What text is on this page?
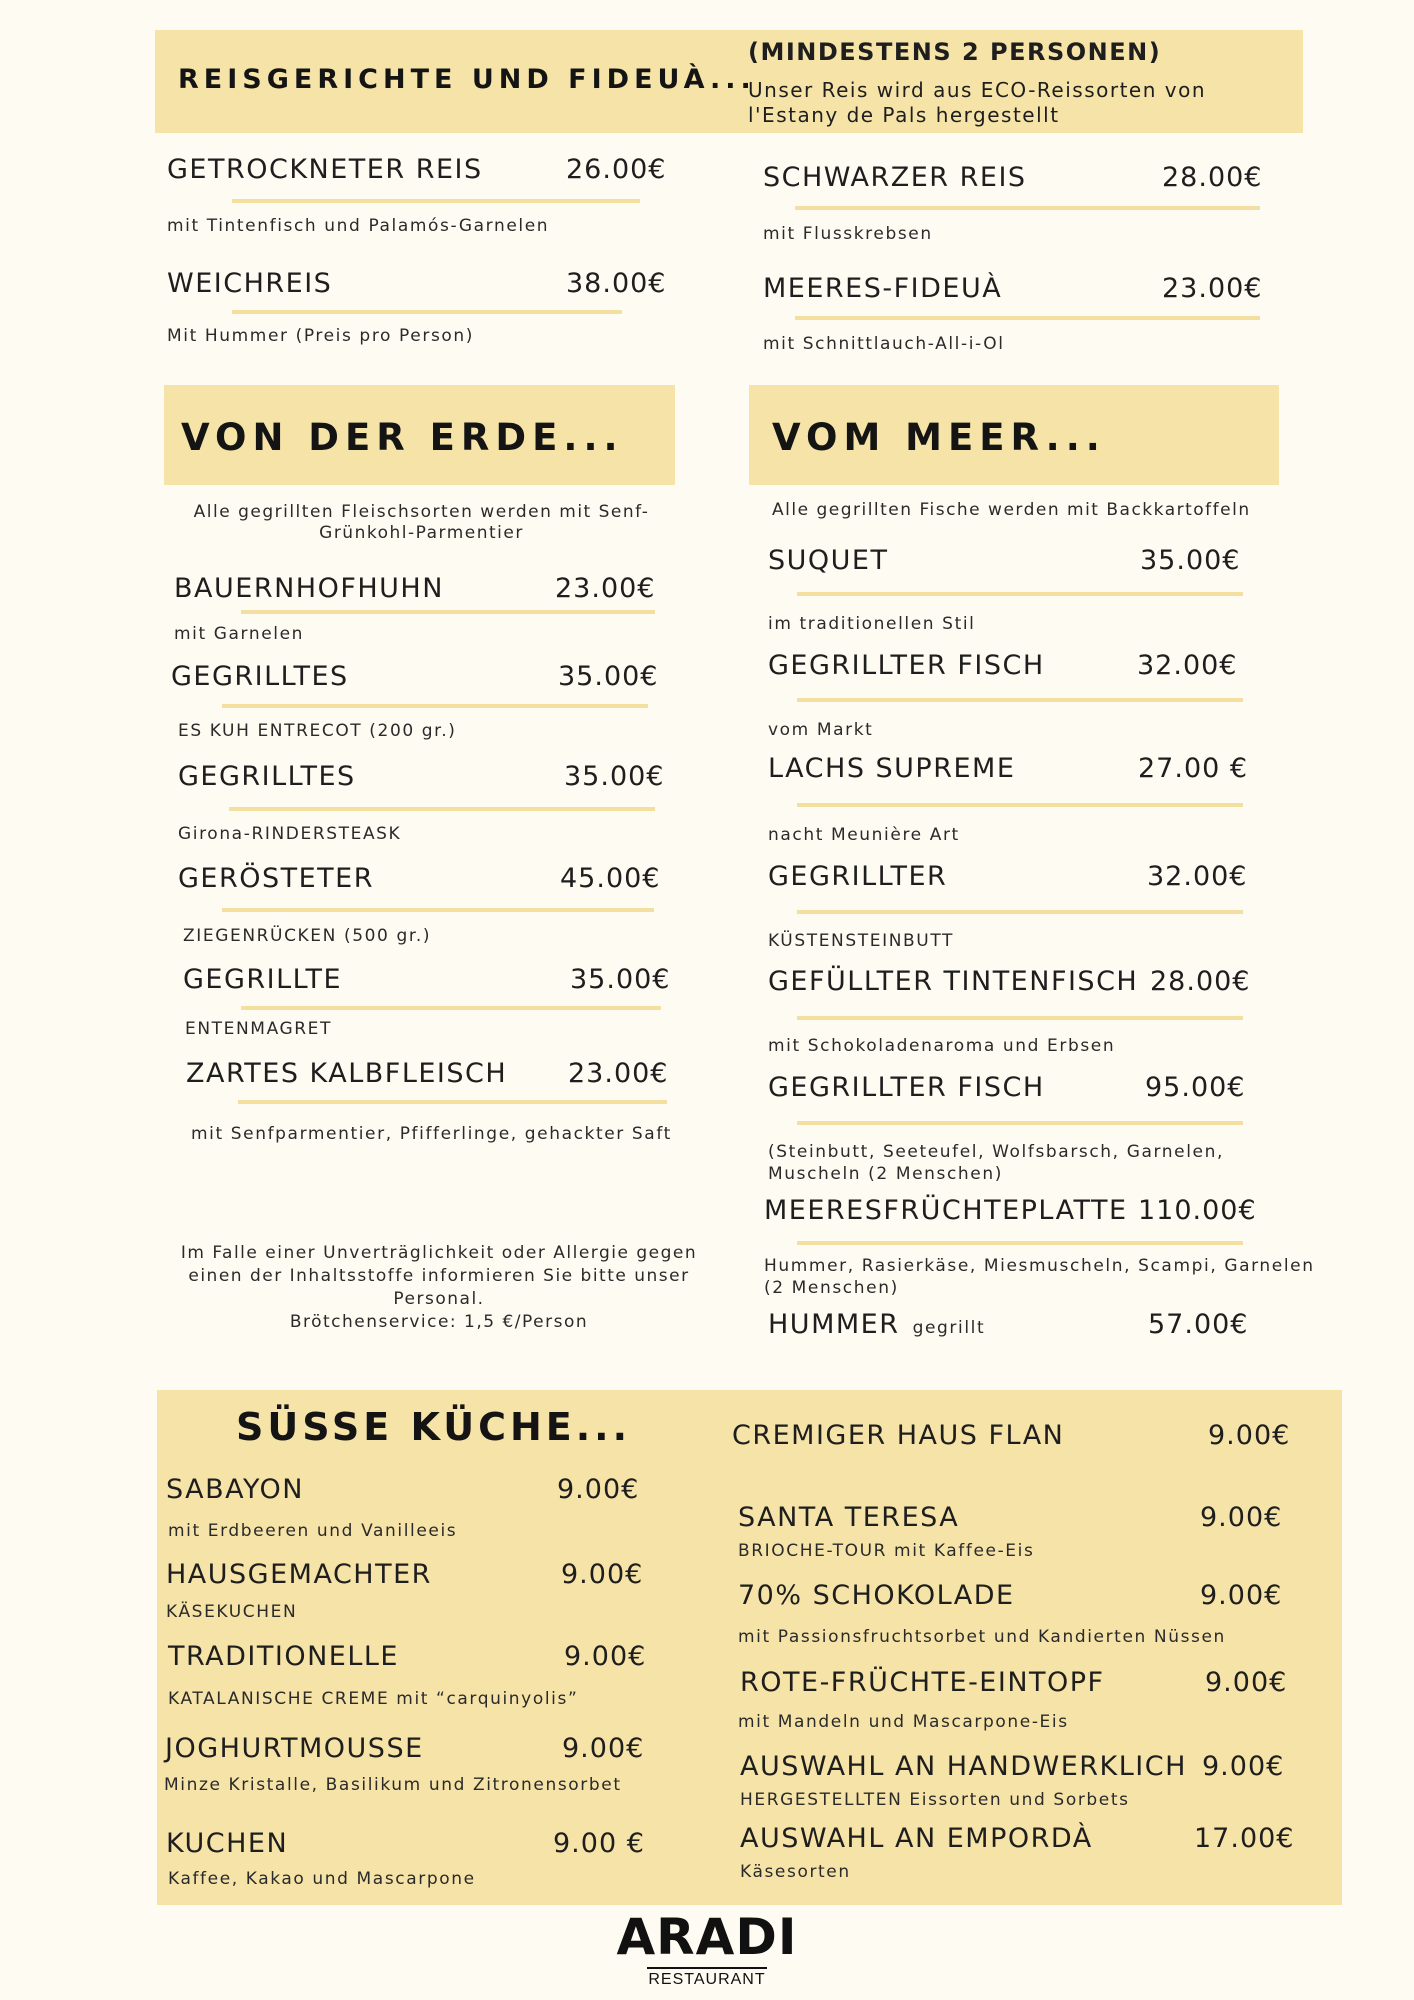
REISGERICHTE UND FIDEUÀ...
(MINDESTENS 2 PERSONEN)
Unser Reis wird aus ECO-Reissorten von
l'Estany de Pals hergestellt
GETROCKNETER REIS	26.00€
mit Tintenfisch und Palamós-Garnelen
WEICHREIS	38.00€
Mit Hummer (Preis pro Person)
SCHWARZER REIS	28.00€
mit Flusskrebsen
MEERES-FIDEUÀ	23.00€
mit Schnittlauch-All-i-Ol
VON DER ERDE...
Alle gegrillten Fleischsorten werden mit Senf-
Grünkohl-Parmentier
BAUERNHOFHUHN	23.00€
mit Garnelen
GEGRILLTES	35.00€
ES KUH ENTRECOT (200 gr.)
GEGRILLTES	35.00€
Girona-RINDERSTEASK
GERÖSTETER	45.00€
ZIEGENRÜCKEN (500 gr.)
GEGRILLTE	35.00€
ENTENMAGRET
ZARTES KALBFLEISCH 23.00€
mit Senfparmentier, Pfifferlinge, gehackter Saft
Im Falle einer Unverträglichkeit oder Allergie gegen
einen der Inhaltsstoffe informieren Sie bitte unser
Personal.
Brötchenservice: 1,5 €/Person
VOM MEER...
Alle gegrillten Fische werden mit Backkartoffeln
SUQUET	35.00€
im traditionellen Stil
GEGRILLTER FISCH	32.00€
vom Markt
LACHS SUPREME	27.00 €
nacht Meunière Art
GEGRILLTER	32.00€
KÜSTENSTEINBUTT
GEFÜLLTER TINTENFISCH 28.00€
mit Schokoladenaroma und Erbsen
GEGRILLTER FISCH	95.00€
(Steinbutt, Seeteufel, Wolfsbarsch, Garnelen,
Muscheln (2 Menschen)
MEERESFRÜCHTEPLATTE 110.00€
Hummer, Rasierkäse, Miesmuscheln, Scampi, Garnelen
(2 Menschen)
HUMMER gegrillt	57.00€
SÜSSE KÜCHE...
SABAYON	9.00€
mit Erdbeeren und Vanilleeis
HAUSGEMACHTER	9.00€
KÄSEKUCHEN
TRADITIONELLE	9.00€
KATALANISCHE CREME mit “carquinyolis”
JOGHURTMOUSSE	9.00€
Minze Kristalle, Basilikum und Zitronensorbet
KUCHEN	9.00 €
Kaffee, Kakao und Mascarpone
CREMIGER HAUS FLAN	9.00€
SANTA TERESA	9.00€
BRIOCHE-TOUR mit Kaffee-Eis
70% SCHOKOLADE	9.00€
mit Passionsfruchtsorbet und Kandierten Nüssen
ROTE-FRÜCHTE-EINTOPF	9.00€
mit Mandeln und Mascarpone-Eis
AUSWAHL AN HANDWERKLICH 9.00€
HERGESTELLTEN Eissorten und Sorbets
AUSWAHL AN EMPORDÀ	17.00€
Käsesorten
ARADI
RESTAURANT
